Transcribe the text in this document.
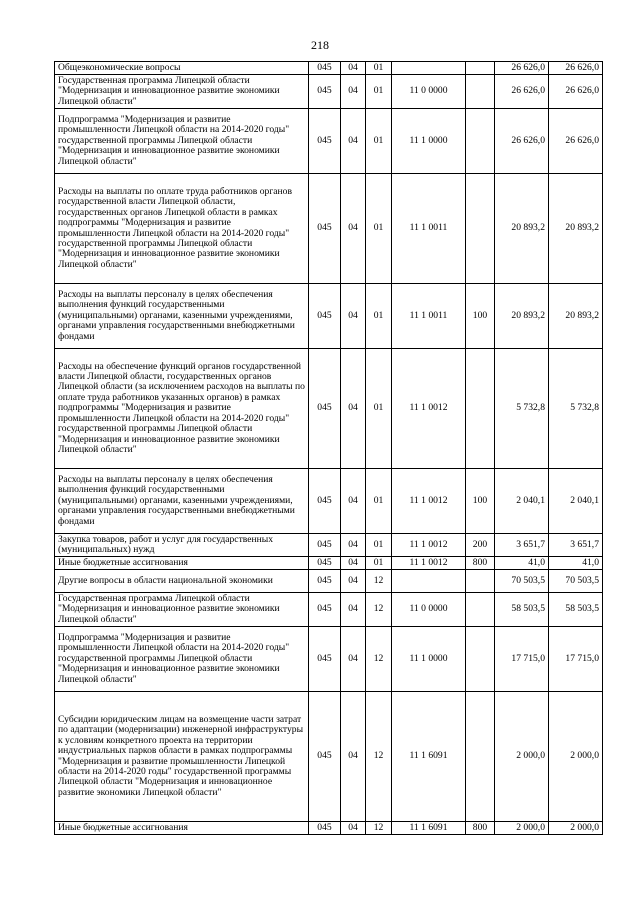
218
Общеэкономические вопросы	045	04	01			26 626,0	26 626,0
Государственная программа Липецкой области "Модернизация и инновационное развитие экономики Липецкой области"	045	04	01	11 0 0000		26 626,0	26 626,0
Подпрограмма "Модернизация и развитие промышленности Липецкой области на 2014-2020 годы" государственной программы Липецкой области "Модернизация и инновационное развитие экономики Липецкой области"	045	04	01	11 1 0000		26 626,0	26 626,0
Расходы на выплаты по оплате труда работников органов государственной власти Липецкой области, государственных органов Липецкой области в рамках подпрограммы "Модернизация и развитие промышленности Липецкой области на 2014-2020 годы" государственной программы Липецкой области "Модернизация и инновационное развитие экономики Липецкой области"	045	04	01	11 1 0011		20 893,2	20 893,2
Расходы на выплаты персоналу в целях обеспечения выполнения функций государственными (муниципальными) органами, казенными учреждениями, органами управления государственными внебюджетными фондами	045	04	01	11 1 0011	100	20 893,2	20 893,2
Расходы на обеспечение функций органов государственной власти Липецкой области, государственных органов Липецкой области (за исключением расходов на выплаты по оплате труда работников указанных органов) в рамках подпрограммы "Модернизация и развитие промышленности Липецкой области на 2014-2020 годы" государственной программы Липецкой области "Модернизация и инновационное развитие экономики Липецкой области"	045	04	01	11 1 0012		5 732,8	5 732,8
Расходы на выплаты персоналу в целях обеспечения выполнения функций государственными (муниципальными) органами, казенными учреждениями, органами управления государственными внебюджетными фондами	045	04	01	11 1 0012	100	2 040,1	2 040,1
Закупка товаров, работ и услуг для государственных (муниципальных) нужд	045	04	01	11 1 0012	200	3 651,7	3 651,7
Иные бюджетные ассигнования	045	04	01	11 1 0012	800	41,0	41,0
Другие вопросы в области национальной экономики	045	04	12			70 503,5	70 503,5
Государственная программа Липецкой области "Модернизация и инновационное развитие экономики Липецкой области"	045	04	12	11 0 0000		58 503,5	58 503,5
Подпрограмма "Модернизация и развитие промышленности Липецкой области на 2014-2020 годы" государственной программы Липецкой области "Модернизация и инновационное развитие экономики Липецкой области"	045	04	12	11 1 0000		17 715,0	17 715,0
Субсидии юридическим лицам на возмещение части затрат по адаптации (модернизации) инженерной инфраструктуры к условиям конкретного проекта на территории индустриальных парков области в рамках подпрограммы "Модернизация и развитие промышленности Липецкой области на 2014-2020 годы" государственной программы Липецкой области "Модернизация и инновационное развитие экономики Липецкой области"	045	04	12	11 1 6091		2 000,0	2 000,0
Иные бюджетные ассигнования	045	04	12	11 1 6091	800	2 000,0	2 000,0
